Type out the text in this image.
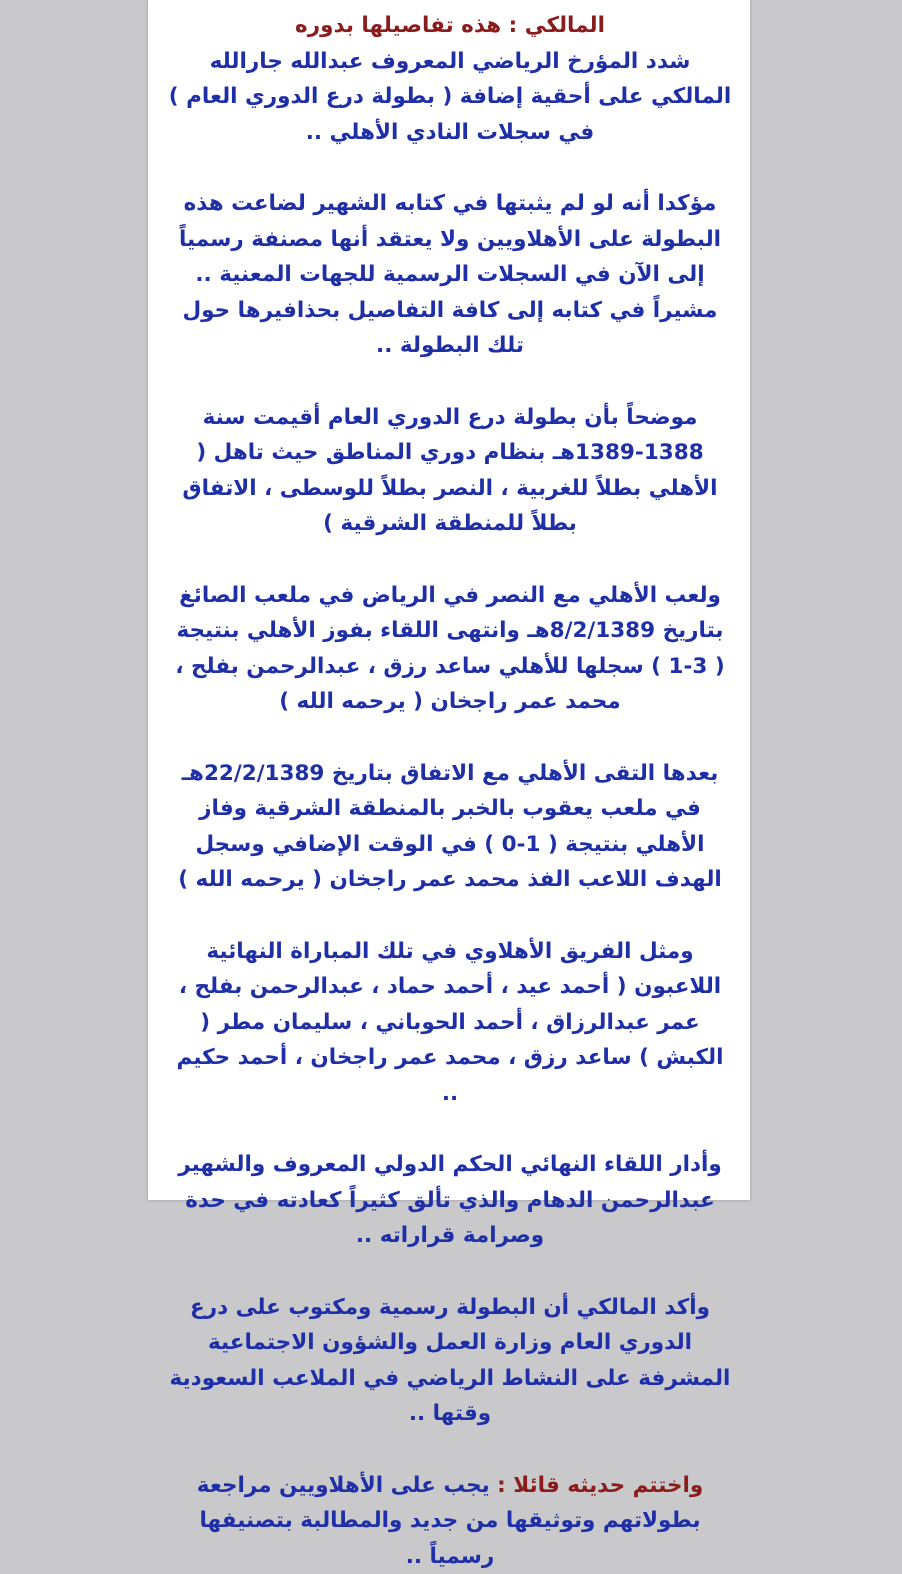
المالكي : هذه تفاصيلها بدوره

شدد المؤرخ الرياضي المعروف عبدالله جارالله المالكي على أحقية إضافة ( بطولة درع الدوري العام ) في سجلات النادي الأهلي ..

مؤكدا أنه لو لم يثبتها في كتابه الشهير لضاعت هذه البطولة على الأهلاويين ولا يعتقد أنها مصنفة رسمياً إلى الآن في السجلات الرسمية للجهات المعنية .. مشيراً في كتابه إلى كافة التفاصيل بحذافيرها حول تلك البطولة ..

موضحاً بأن بطولة درع الدوري العام أقيمت سنة 1388-1389هـ بنظام دوري المناطق حيث تاهل ( الأهلي بطلاً للغربية ، النصر بطلاً للوسطى ، الاتفاق بطلاً للمنطقة الشرقية )

ولعب الأهلي مع النصر في الرياض في ملعب الصائغ بتاريخ 8/2/1389هـ وانتهى اللقاء بفوز الأهلي بنتيجة ( 3-1 ) سجلها للأهلي ساعد رزق ، عبدالرحمن بفلح ، محمد عمر راجخان ( يرحمه الله )

بعدها التقى الأهلي مع الاتفاق بتاريخ 22/2/1389هـ في ملعب يعقوب بالخبر بالمنطقة الشرقية وفاز الأهلي بنتيجة ( 1-0 ) في الوقت الإضافي وسجل الهدف اللاعب الفذ محمد عمر راجخان ( يرحمه الله )

ومثل الفريق الأهلاوي في تلك المباراة النهائية اللاعبون ( أحمد عيد ، أحمد حماد ، عبدالرحمن بفلح ، عمر عبدالرزاق ، أحمد الحوباني ، سليمان مطر ( الكبش ) ساعد رزق ، محمد عمر راجخان ، أحمد حكيم ..

وأدار اللقاء النهائي الحكم الدولي المعروف والشهير عبدالرحمن الدهام والذي تألق كثيراً كعادته في حدة وصرامة قراراته ..

وأكد المالكي أن البطولة رسمية ومكتوب على درع الدوري العام وزارة العمل والشؤون الاجتماعية المشرفة على النشاط الرياضي في الملاعب السعودية وقتها ..

واختتم حديثه قائلا : يجب على الأهلاويين مراجعة بطولاتهم وتوثيقها من جديد والمطالبة بتصنيفها رسمياً ..
